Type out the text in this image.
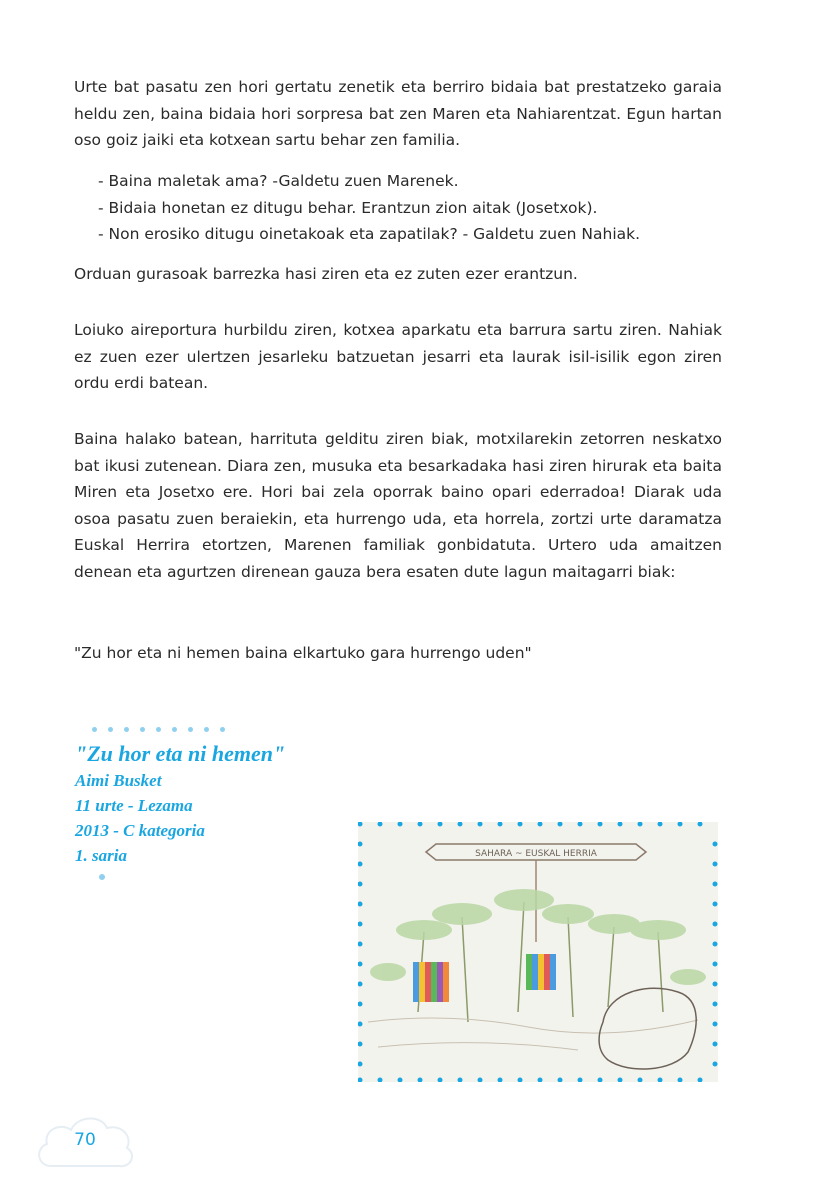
Urte bat pasatu zen hori gertatu zenetik eta berriro bidaia bat prestatzeko garaia heldu zen, baina bidaia hori sorpresa bat zen Maren eta Nahiarentzat. Egun hartan oso goiz jaiki eta kotxean sartu behar zen familia.

- Baina maletak ama? -Galdetu zuen Marenek.
- Bidaia honetan ez ditugu behar. Erantzun zion aitak (Josetxok).
- Non erosiko ditugu oinetakoak eta zapatilak? - Galdetu zuen Nahiak.

Orduan gurasoak barrezka hasi ziren eta ez zuten ezer erantzun.

Loiuko aireportura hurbildu ziren, kotxea aparkatu eta barrura sartu ziren. Nahiak ez zuen ezer ulertzen jesarleku batzuetan jesarri eta laurak isil-isilik egon ziren ordu erdi batean.

Baina halako batean, harrituta gelditu ziren biak, motxilarekin zetorren neskatxo bat ikusi zutenean. Diara zen, musuka eta besarkadaka hasi ziren hirurak eta baita Miren eta Josetxo ere. Hori bai zela oporrak baino opari ederradoa! Diarak uda osoa pasatu zuen beraiekin, eta hurrengo uda, eta horrela, zortzi urte daramatza Euskal Herrira etortzen, Marenen familiak gonbidatuta. Urtero uda amaitzen denean eta agurtzen direnean gauza bera esaten dute lagun maitagarri biak:

"Zu hor eta ni hemen baina elkartuko gara hurrengo uden"

"Zu hor eta ni hemen"
Aimi Busket
11 urte - Lezama
2013 - C kategoria
1. saria	SAHARA ~ EUSKAL HERRIA
70
